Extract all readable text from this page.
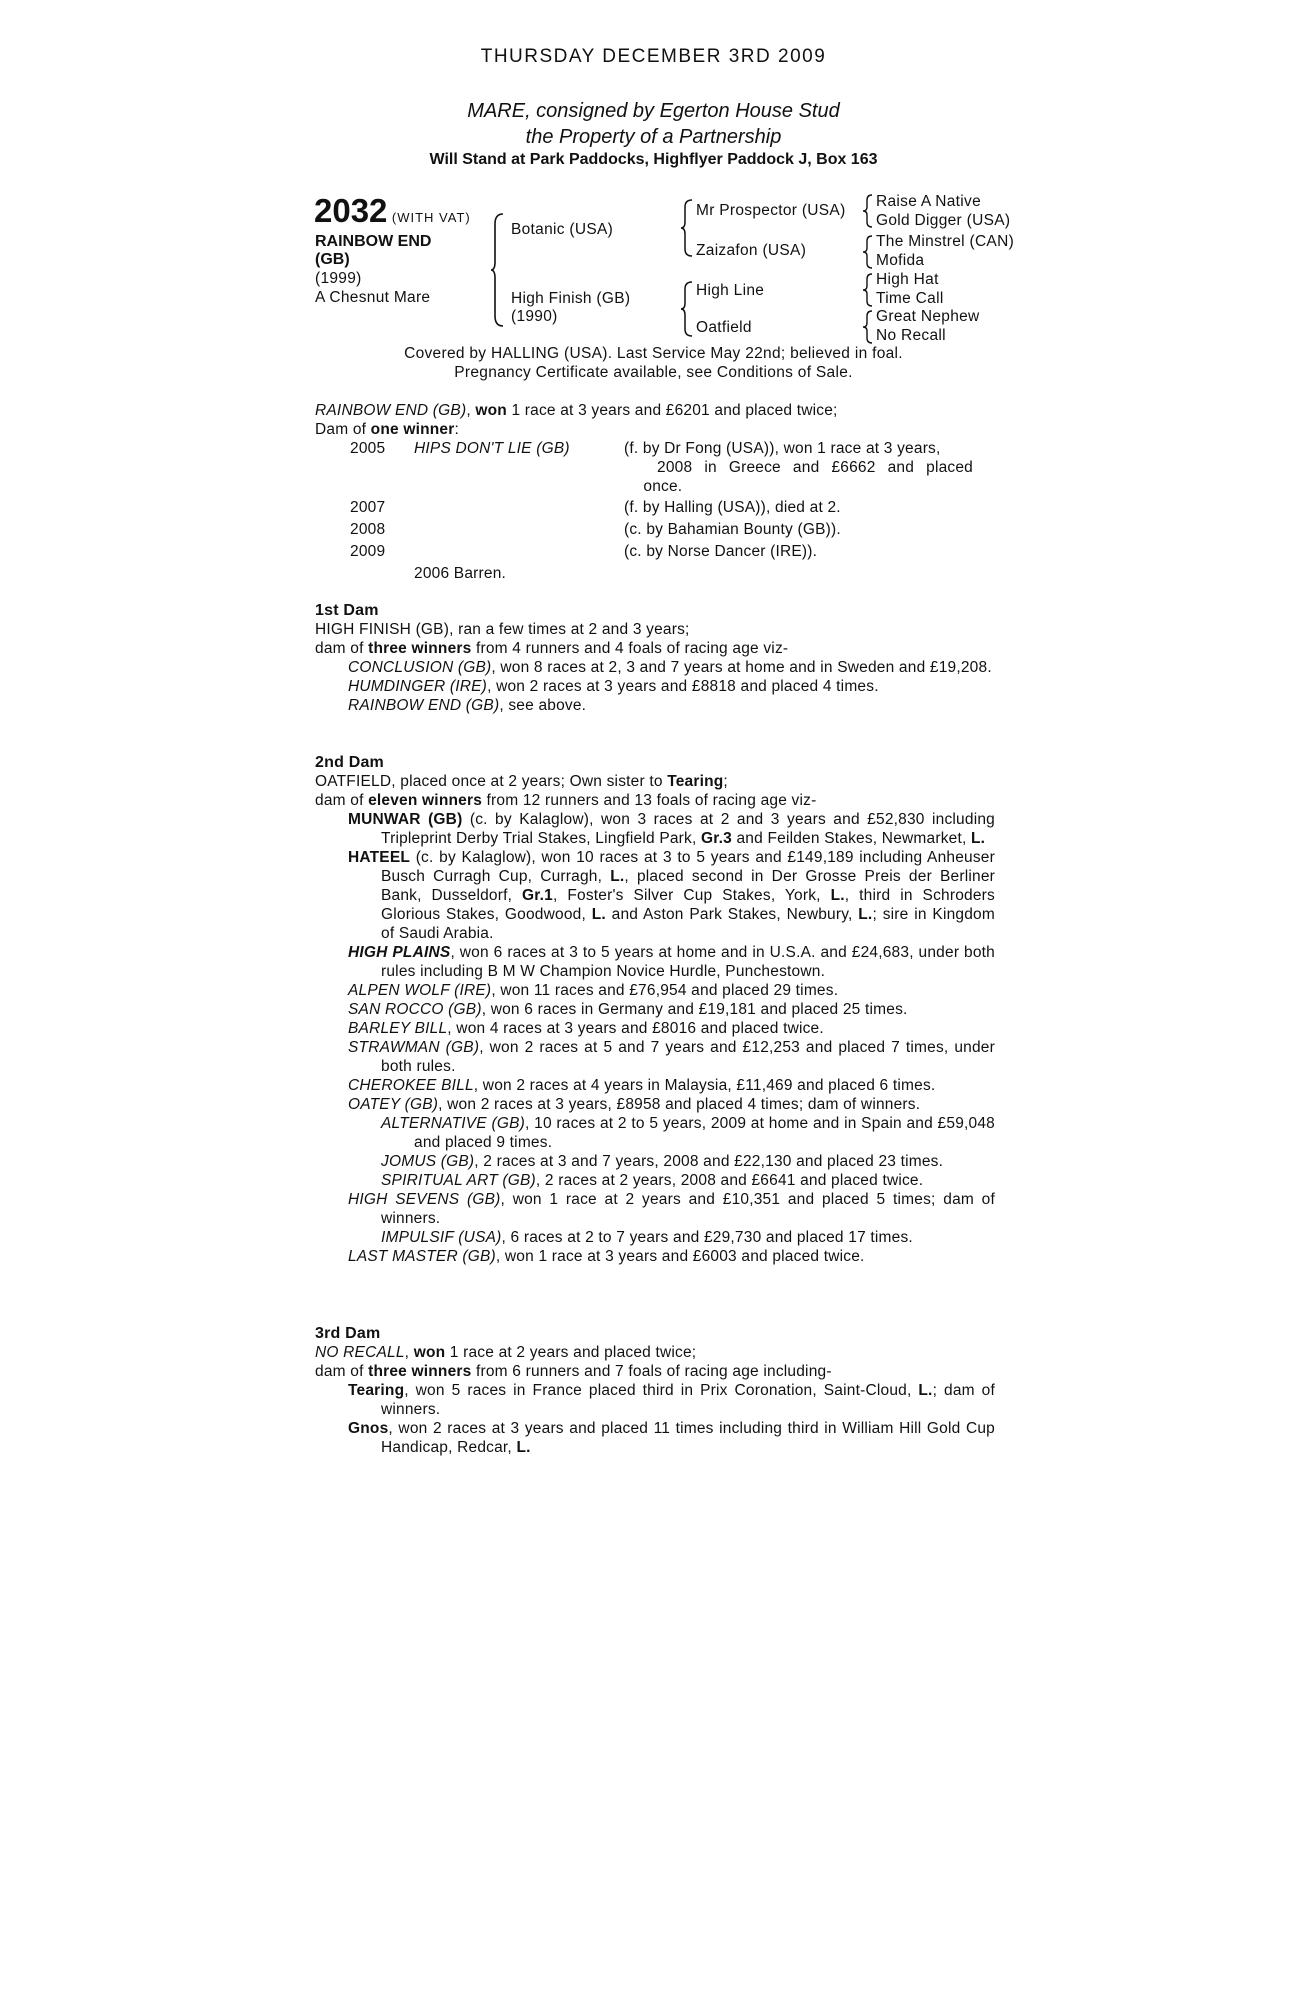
THURSDAY DECEMBER 3RD 2009
MARE, consigned by Egerton House Stud
the Property of a Partnership
Will Stand at Park Paddocks, Highflyer Paddock J, Box 163
2032 (WITH VAT)
RAINBOW END
(GB)
(1999)
A Chesnut Mare
Botanic (USA)
High Finish (GB)
(1990)
Mr Prospector (USA)
Zaizafon (USA)
High Line
Oatfield
Raise A Native
Gold Digger (USA)
The Minstrel (CAN)
Mofida
High Hat
Time Call
Great Nephew
No Recall
Covered by HALLING (USA). Last Service May 22nd; believed in foal.
Pregnancy Certificate available, see Conditions of Sale.
RAINBOW END (GB), won 1 race at 3 years and £6201 and placed twice;
Dam of one winner:
2005	HIPS DON'T LIE (GB)	(f. by Dr Fong (USA)), won 1 race at 3 years,
2008 in Greece and £6662 and placed
once.
2007	(f. by Halling (USA)), died at 2.
2008	(c. by Bahamian Bounty (GB)).
2009	(c. by Norse Dancer (IRE)).
2006 Barren.
1st Dam
HIGH FINISH (GB), ran a few times at 2 and 3 years;
dam of three winners from 4 runners and 4 foals of racing age viz-
CONCLUSION (GB), won 8 races at 2, 3 and 7 years at home and in Sweden and £19,208.
HUMDINGER (IRE), won 2 races at 3 years and £8818 and placed 4 times.
RAINBOW END (GB), see above.
2nd Dam
OATFIELD, placed once at 2 years; Own sister to Tearing;
dam of eleven winners from 12 runners and 13 foals of racing age viz-
MUNWAR (GB) (c. by Kalaglow), won 3 races at 2 and 3 years and £52,830 including Tripleprint Derby Trial Stakes, Lingfield Park, Gr.3 and Feilden Stakes, Newmarket, L.
HATEEL (c. by Kalaglow), won 10 races at 3 to 5 years and £149,189 including Anheuser Busch Curragh Cup, Curragh, L., placed second in Der Grosse Preis der Berliner Bank, Dusseldorf, Gr.1, Foster's Silver Cup Stakes, York, L., third in Schroders Glorious Stakes, Goodwood, L. and Aston Park Stakes, Newbury, L.; sire in Kingdom of Saudi Arabia.
HIGH PLAINS, won 6 races at 3 to 5 years at home and in U.S.A. and £24,683, under both rules including B M W Champion Novice Hurdle, Punchestown.
ALPEN WOLF (IRE), won 11 races and £76,954 and placed 29 times.
SAN ROCCO (GB), won 6 races in Germany and £19,181 and placed 25 times.
BARLEY BILL, won 4 races at 3 years and £8016 and placed twice.
STRAWMAN (GB), won 2 races at 5 and 7 years and £12,253 and placed 7 times, under both rules.
CHEROKEE BILL, won 2 races at 4 years in Malaysia, £11,469 and placed 6 times.
OATEY (GB), won 2 races at 3 years, £8958 and placed 4 times; dam of winners.
ALTERNATIVE (GB), 10 races at 2 to 5 years, 2009 at home and in Spain and £59,048 and placed 9 times.
JOMUS (GB), 2 races at 3 and 7 years, 2008 and £22,130 and placed 23 times.
SPIRITUAL ART (GB), 2 races at 2 years, 2008 and £6641 and placed twice.
HIGH SEVENS (GB), won 1 race at 2 years and £10,351 and placed 5 times; dam of winners.
IMPULSIF (USA), 6 races at 2 to 7 years and £29,730 and placed 17 times.
LAST MASTER (GB), won 1 race at 3 years and £6003 and placed twice.
3rd Dam
NO RECALL, won 1 race at 2 years and placed twice;
dam of three winners from 6 runners and 7 foals of racing age including-
Tearing, won 5 races in France placed third in Prix Coronation, Saint-Cloud, L.; dam of winners.
Gnos, won 2 races at 3 years and placed 11 times including third in William Hill Gold Cup Handicap, Redcar, L.
